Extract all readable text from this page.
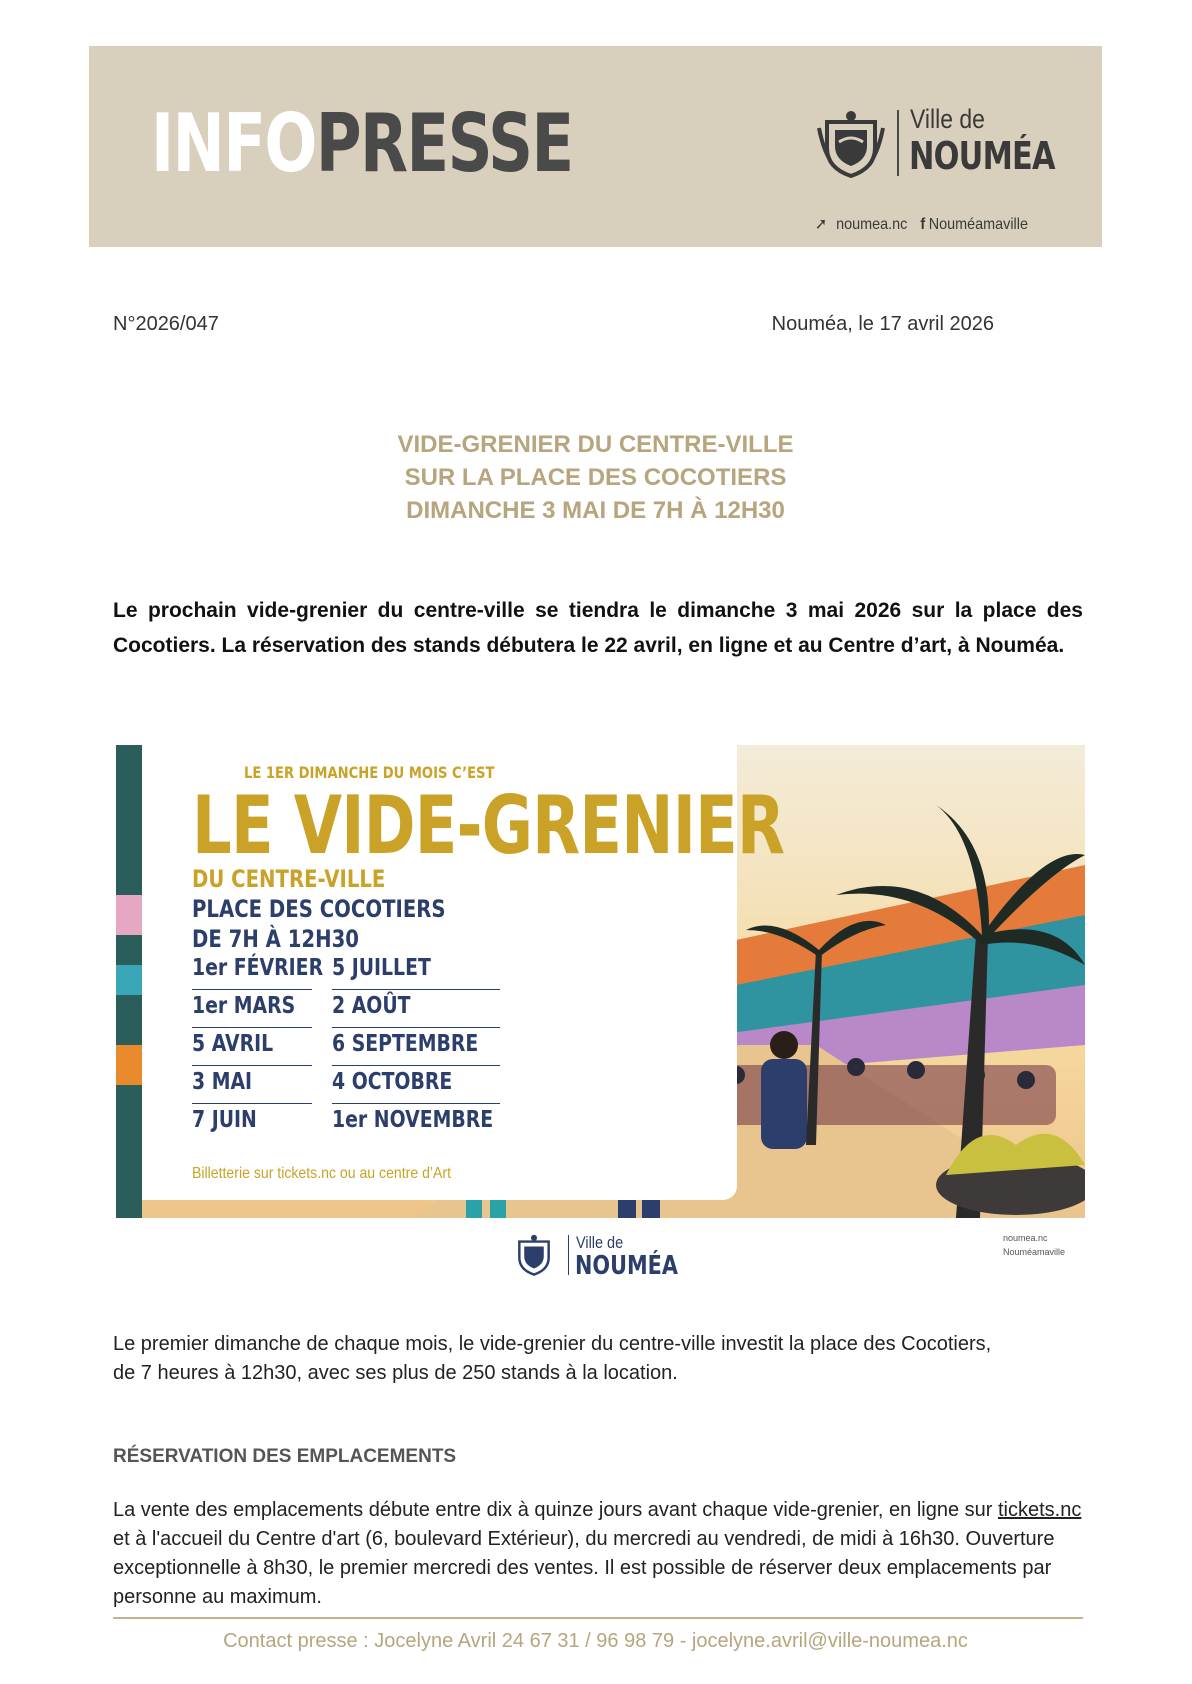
INFOPRESSE	Ville de
NOUMÉA
➚ noumea.nc f Nouméamaville
N°2026/047	Nouméa, le 17 avril 2026
VIDE-GRENIER DU CENTRE-VILLE
SUR LA PLACE DES COCOTIERS
DIMANCHE 3 MAI DE 7H À 12H30
Le prochain vide-grenier du centre-ville se tiendra le dimanche 3 mai 2026 sur la place des Cocotiers. La réservation des stands débutera le 22 avril, en ligne et au Centre d’art, à Nouméa.
LE 1ER DIMANCHE DU MOIS C’EST
LE VIDE-GRENIER
DU CENTRE-VILLE
PLACE DES COCOTIERS
DE 7H À 12H30
1er FÉVRIER 5 JUILLET
1er MARS 2 AOÛT
5 AVRIL	6 SEPTEMBRE
3 MAI	4 OCTOBRE
7 JUIN	1er NOVEMBRE
Billetterie sur tickets.nc ou au centre d’Art
Ville de
NOUMÉA
noumea.nc
Nouméamaville
Le premier dimanche de chaque mois, le vide-grenier du centre-ville investit la place des Cocotiers, de 7 heures à 12h30, avec ses plus de 250 stands à la location.
RÉSERVATION DES EMPLACEMENTS
La vente des emplacements débute entre dix à quinze jours avant chaque vide-grenier, en ligne sur tickets.nc et à l'accueil du Centre d'art (6, boulevard Extérieur), du mercredi au vendredi, de midi à 16h30. Ouverture exceptionnelle à 8h30, le premier mercredi des ventes. Il est possible de réserver deux emplacements par personne au maximum.
Contact presse : Jocelyne Avril 24 67 31 / 96 98 79 - jocelyne.avril@ville-noumea.nc
